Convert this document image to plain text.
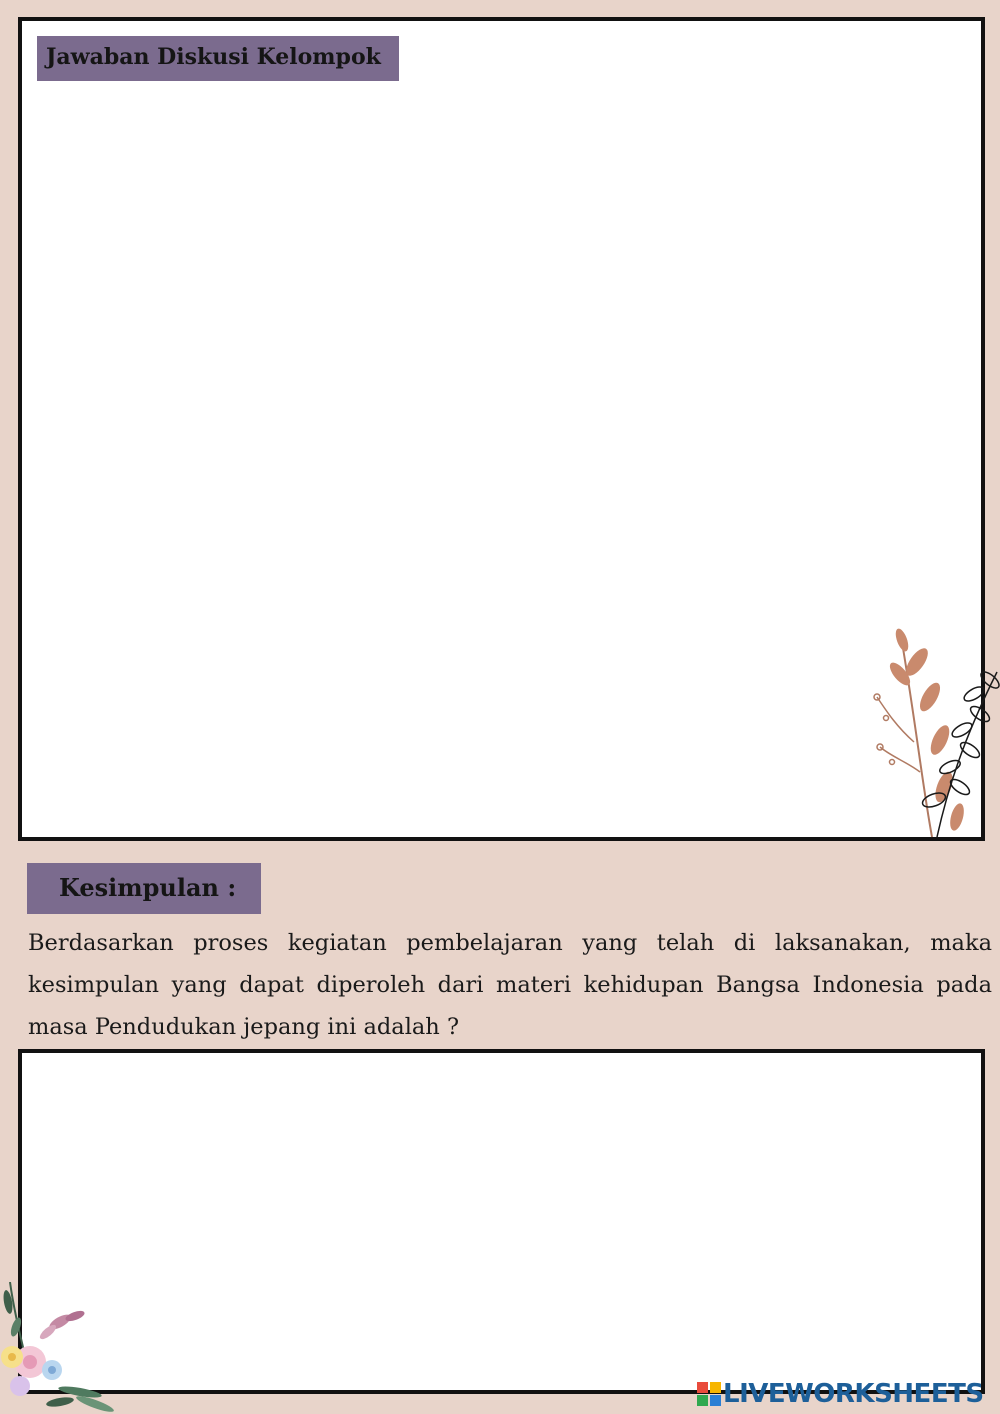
Jawaban Diskusi Kelompok
Kesimpulan :

Berdasarkan proses kegiatan pembelajaran yang telah di laksanakan, maka kesimpulan yang dapat diperoleh dari materi kehidupan Bangsa Indonesia pada masa Pendudukan jepang ini adalah ?

LIVEWORKSHEETS
